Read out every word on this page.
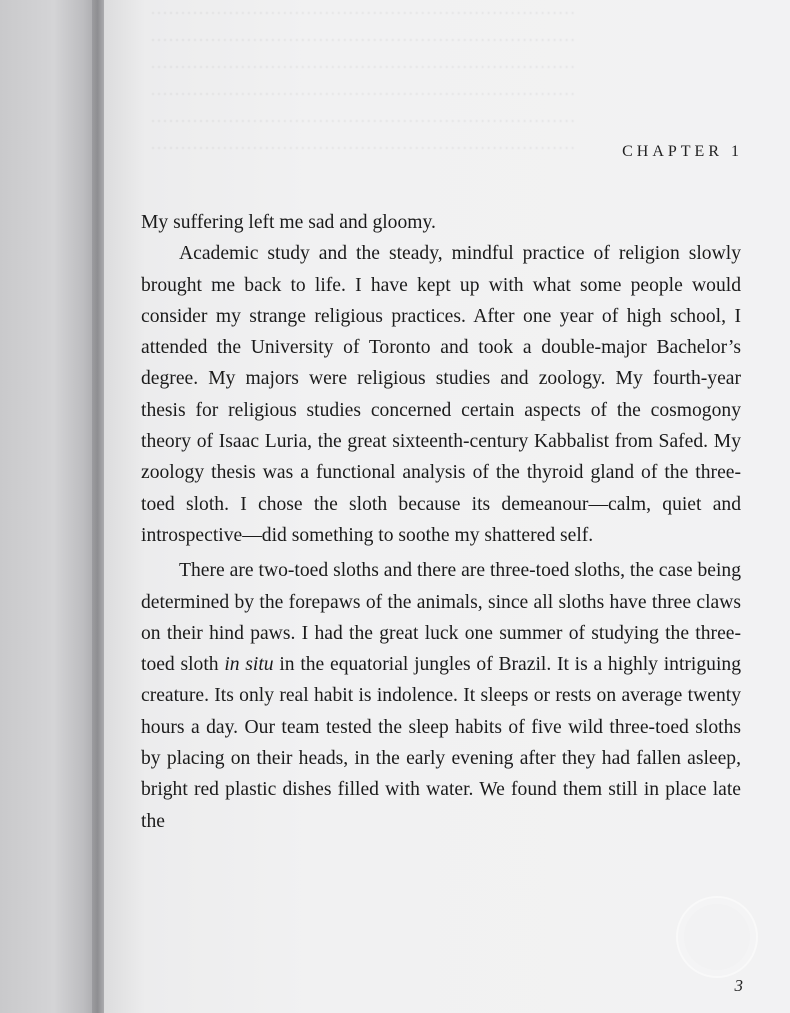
CHAPTER 1

My suffering left me sad and gloomy.

Academic study and the steady, mindful practice of religion slowly brought me back to life. I have kept up with what some people would consider my strange religious practices. After one year of high school, I attended the University of Toronto and took a double-major Bachelor’s degree. My majors were religious studies and zoology. My fourth-year thesis for religious studies concerned certain aspects of the cosmogony theory of Isaac Luria, the great sixteenth-century Kabbalist from Safed. My zoology thesis was a functional analysis of the thyroid gland of the three-toed sloth. I chose the sloth because its demeanour—calm, quiet and introspective—did something to soothe my shattered self.

There are two-toed sloths and there are three-toed sloths, the case being determined by the forepaws of the animals, since all sloths have three claws on their hind paws. I had the great luck one summer of studying the three-toed sloth in situ in the equatorial jungles of Brazil. It is a highly intriguing creature. Its only real habit is indolence. It sleeps or rests on average twenty hours a day. Our team tested the sleep habits of five wild three-toed sloths by placing on their heads, in the early evening after they had fallen asleep, bright red plastic dishes filled with water. We found them still in place late the

3
